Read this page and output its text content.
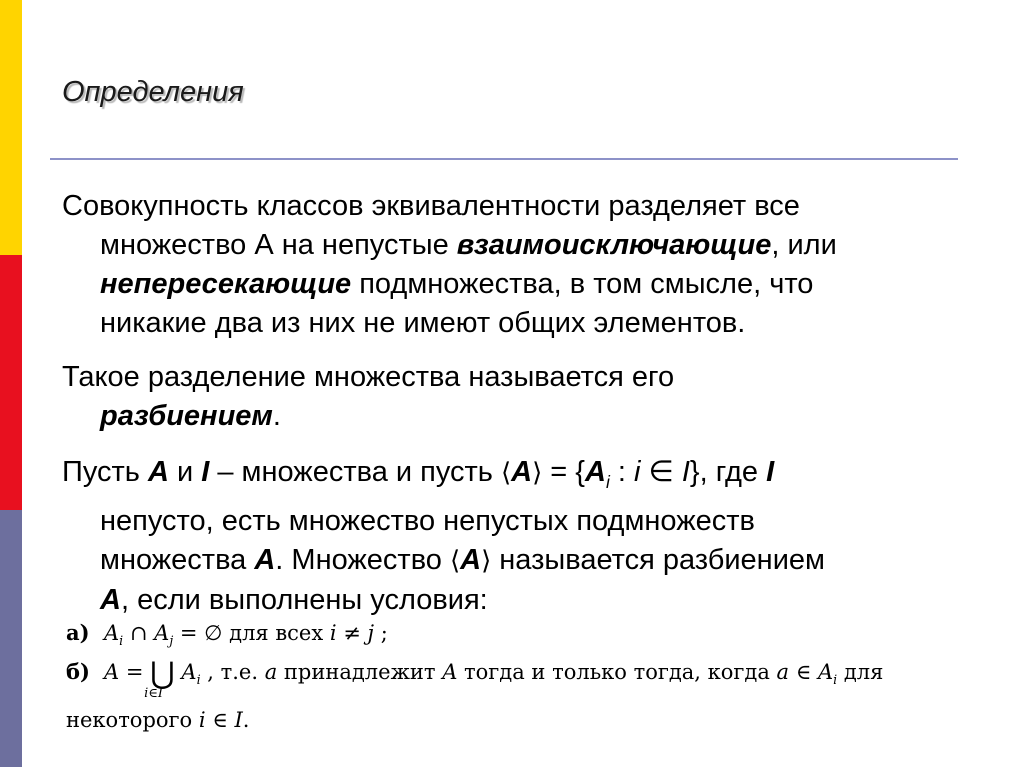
Определения
Совокупность классов эквивалентности разделяет все
множество А на непустые взаимоисключающие, или
непересекающие подмножества, в том смысле, что
никакие два из них не имеют общих элементов.
Такое разделение множества называется его
разбиением.
Пусть A и I – множества и пусть ⟨A⟩ = {$A_i$ : i ∈ I}, где I
непусто, есть множество непустых подмножеств
множества A. Множество ⟨A⟩ называется разбиением
A, если выполнены условия:
а) $A_i$ ∩ $A_j$ = ∅ для всех i ≠ j ;
б) A = ⋃
i∈I
$A_i$ , т.е. a принадлежит A тогда и только тогда, когда a ∈ $A_i$ для
некоторого i ∈ I.
